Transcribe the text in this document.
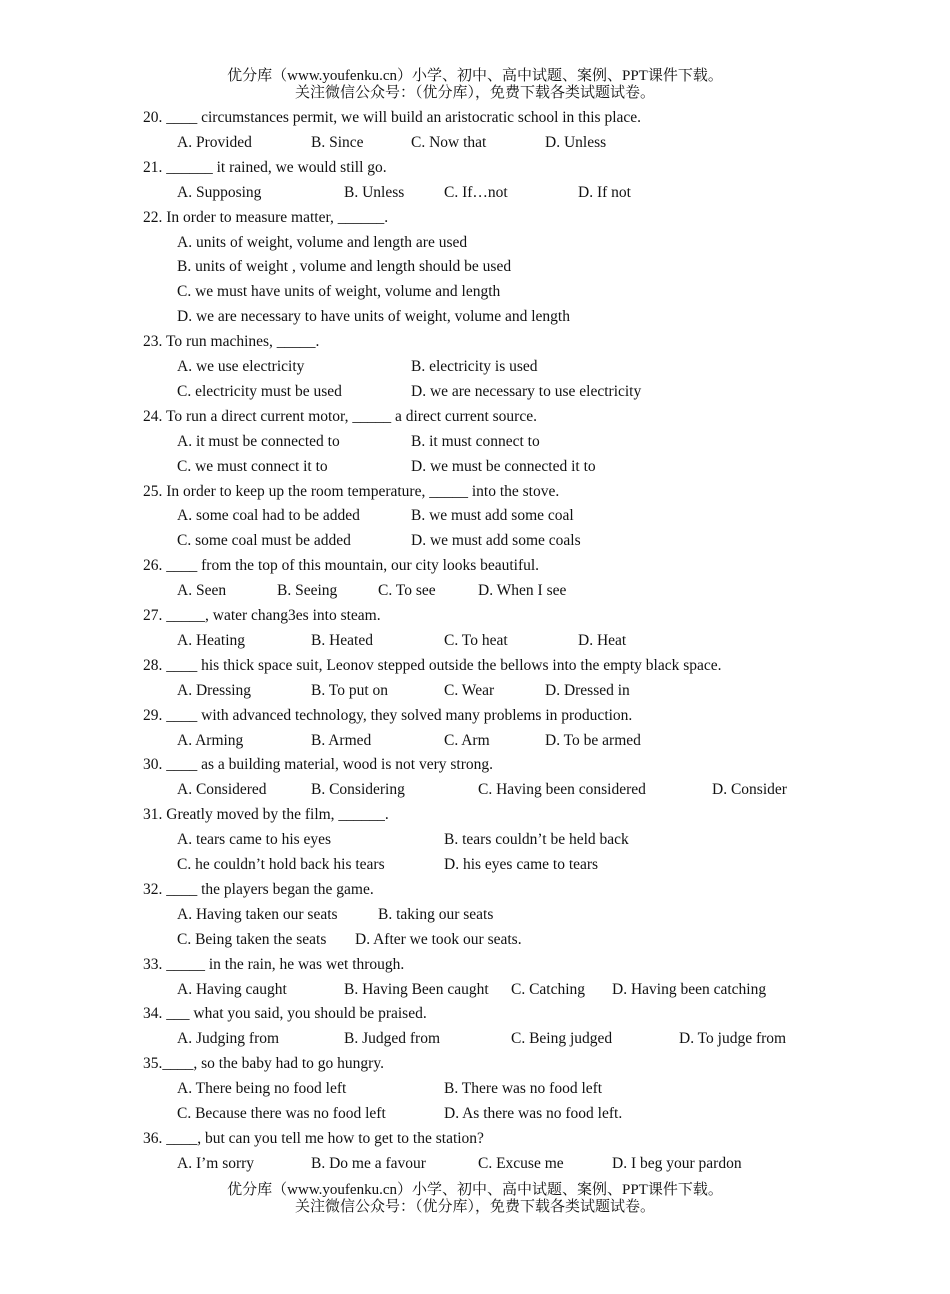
优分库（www.youfenku.cn）小学、初中、高中试题、案例、PPT课件下载。
关注微信公众号：（优分库），免费下载各类试题试卷。
20. ____ circumstances permit, we will build an aristocratic school in this place.
A. Provided	B. Since	C. Now that	D. Unless
21. ______ it rained, we would still go.
A. Supposing	B. Unless	C. If…not	D. If not
22. In order to measure matter, ______.
A. units of weight, volume and length are used
B. units of weight , volume and length should be used
C. we must have units of weight, volume and length
D. we are necessary to have units of weight, volume and length
23. To run machines, _____.
A. we use electricity	B. electricity is used
C. electricity must be used	D. we are necessary to use electricity
24. To run a direct current motor, _____ a direct current source.
A. it must be connected to	B. it must connect to
C. we must connect it to	D. we must be connected it to
25. In order to keep up the room temperature, _____ into the stove.
A. some coal had to be added	B. we must add some coal
C. some coal must be added	D. we must add some coals
26. ____ from the top of this mountain, our city looks beautiful.
A. Seen	B. Seeing	C. To see	D. When I see
27. _____, water chang3es into steam.
A. Heating	B. Heated	C. To heat	D. Heat
28. ____ his thick space suit, Leonov stepped outside the bellows into the empty black space.
A. Dressing	B. To put on	C. Wear	D. Dressed in
29. ____ with advanced technology, they solved many problems in production.
A. Arming	B. Armed	C. Arm	D. To be armed
30. ____ as a building material, wood is not very strong.
A. Considered	B. Considering	C. Having been considered	D. Consider
31. Greatly moved by the film, ______.
A. tears came to his eyes	B. tears couldn’t be held back
C. he couldn’t hold back his tears	D. his eyes came to tears
32. ____ the players began the game.
A. Having taken our seats	B. taking our seats
C. Being taken the seats D. After we took our seats.
33. _____ in the rain, he was wet through.
A. Having caught	B. Having Been caught C. Catching D. Having been catching
34. ___ what you said, you should be praised.
A. Judging from	B. Judged from	C. Being judged	D. To judge from
35.____, so the baby had to go hungry.
A. There being no food left	B. There was no food left
C. Because there was no food left	D. As there was no food left.
36. ____, but can you tell me how to get to the station?
A. I’m sorry	B. Do me a favour	C. Excuse me	D. I beg your pardon
优分库（www.youfenku.cn）小学、初中、高中试题、案例、PPT课件下载。
关注微信公众号：（优分库），免费下载各类试题试卷。
